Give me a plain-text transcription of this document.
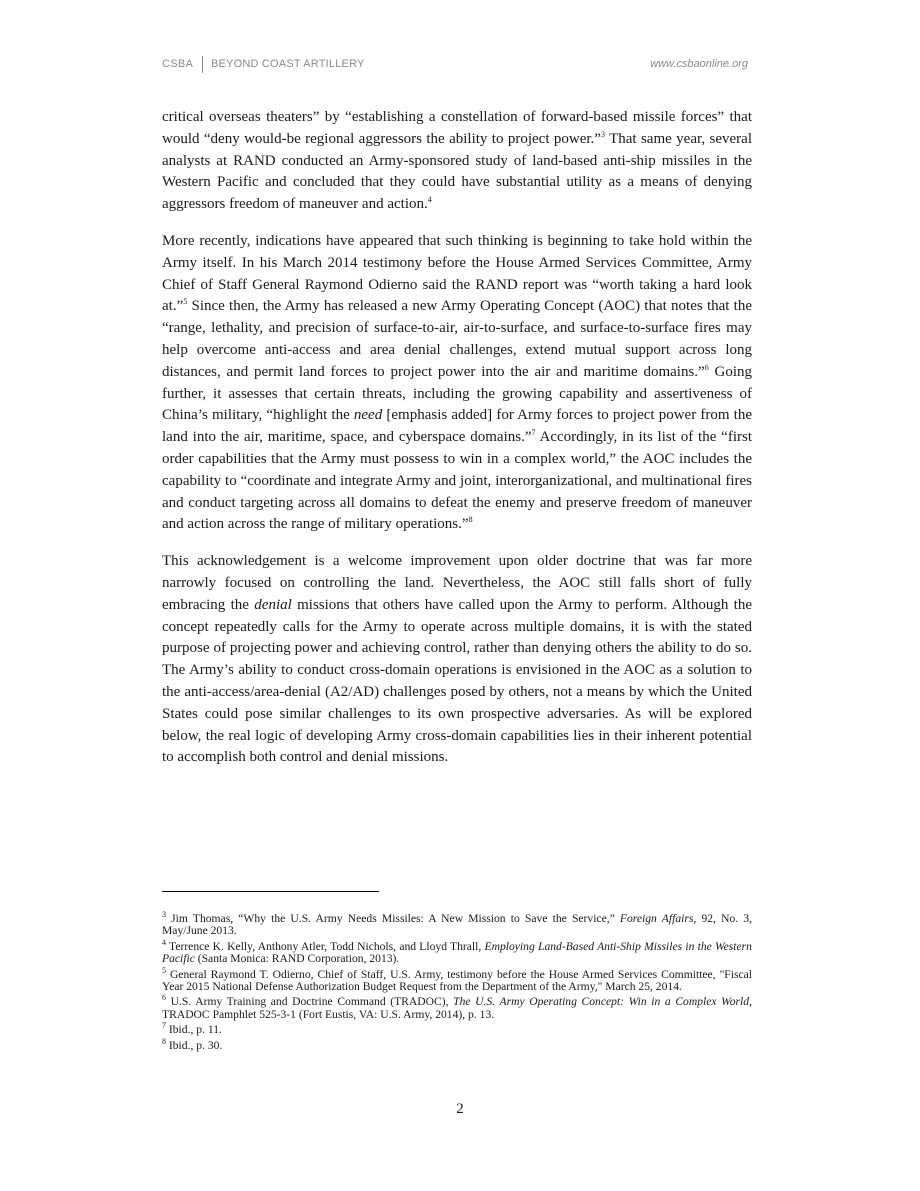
CSBA BEYOND COAST ARTILLERY	www.csbaonline.org

critical overseas theaters” by “establishing a constellation of forward-based missile forces” that would “deny would-be regional aggressors the ability to project power.”$^3$ That same year, several analysts at RAND conducted an Army-sponsored study of land-based anti-ship missiles in the Western Pacific and concluded that they could have substantial utility as a means of denying aggressors freedom of maneuver and action.$^4$

More recently, indications have appeared that such thinking is beginning to take hold within the Army itself. In his March 2014 testimony before the House Armed Services Committee, Army Chief of Staff General Raymond Odierno said the RAND report was “worth taking a hard look at.”$^5$ Since then, the Army has released a new Army Operating Concept (AOC) that notes that the “range, lethality, and precision of surface-to-air, air-to-surface, and surface-to-surface fires may help overcome anti-access and area denial challenges, extend mutual support across long distances, and permit land forces to project power into the air and maritime domains.”$^6$ Going further, it assesses that certain threats, including the growing capability and assertiveness of China’s military, “highlight the need [emphasis added] for Army forces to project power from the land into the air, maritime, space, and cyberspace domains.”$^7$ Accordingly, in its list of the “first order capabilities that the Army must possess to win in a complex world,” the AOC includes the capability to “coordinate and integrate Army and joint, interorganizational, and multinational fires and conduct targeting across all domains to defeat the enemy and preserve freedom of maneuver and action across the range of military operations.”$^8$

This acknowledgement is a welcome improvement upon older doctrine that was far more narrowly focused on controlling the land. Nevertheless, the AOC still falls short of fully embracing the denial missions that others have called upon the Army to perform. Although the concept repeatedly calls for the Army to operate across multiple domains, it is with the stated purpose of projecting power and achieving control, rather than denying others the ability to do so. The Army’s ability to conduct cross-domain operations is envisioned in the AOC as a solution to the anti-access/area-denial (A2/AD) challenges posed by others, not a means by which the United States could pose similar challenges to its own prospective adversaries. As will be explored below, the real logic of developing Army cross-domain capabilities lies in their inherent potential to accomplish both control and denial missions.

$^3$ Jim Thomas, “Why the U.S. Army Needs Missiles: A New Mission to Save the Service,” Foreign Affairs, 92, No. 3, May/June 2013.
$^4$ Terrence K. Kelly, Anthony Atler, Todd Nichols, and Lloyd Thrall, Employing Land-Based Anti-Ship Missiles in the Western Pacific (Santa Monica: RAND Corporation, 2013).
$^5$ General Raymond T. Odierno, Chief of Staff, U.S. Army, testimony before the House Armed Services Committee, "Fiscal Year 2015 National Defense Authorization Budget Request from the Department of the Army," March 25, 2014.
$^6$ U.S. Army Training and Doctrine Command (TRADOC), The U.S. Army Operating Concept: Win in a Complex World, TRADOC Pamphlet 525-3-1 (Fort Eustis, VA: U.S. Army, 2014), p. 13.
$^7$ Ibid., p. 11.
$^8$ Ibid., p. 30.
2
